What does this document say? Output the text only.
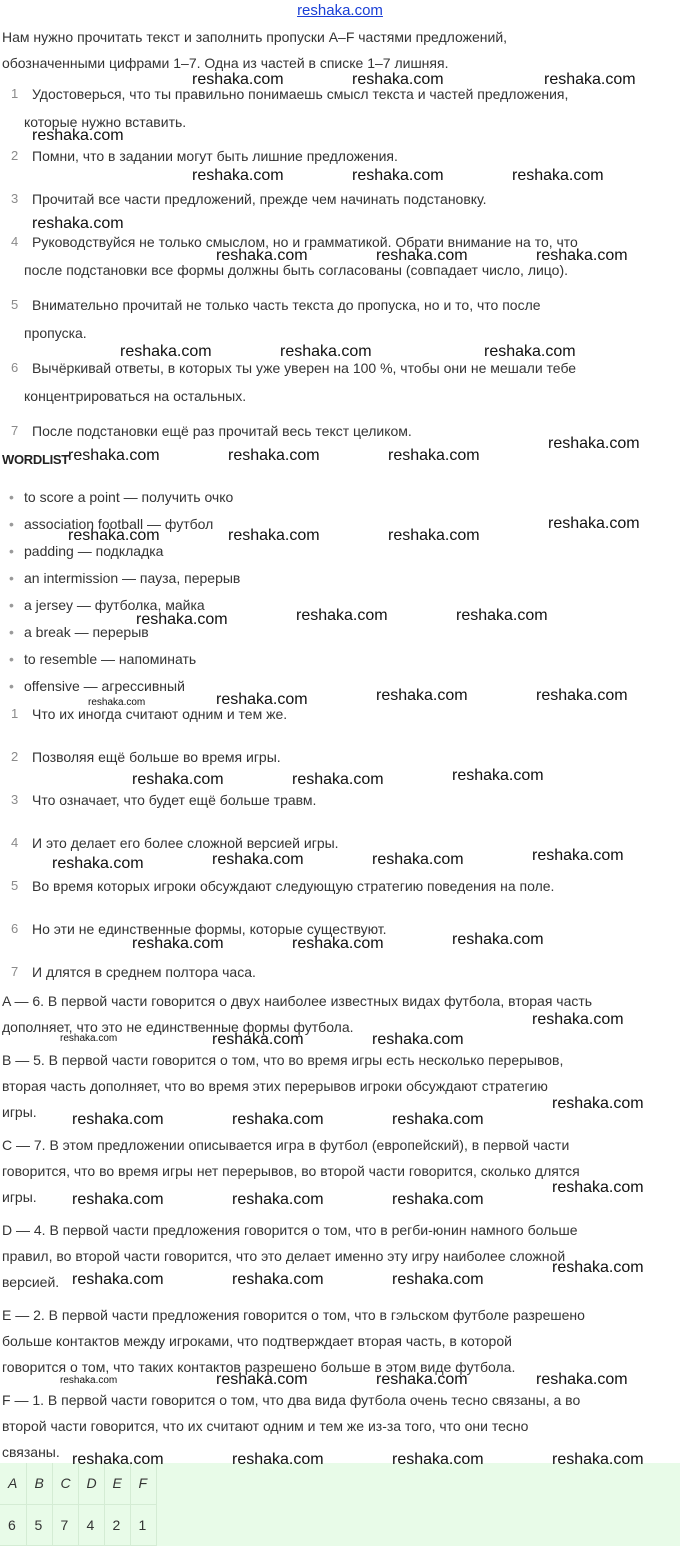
reshaka.com
Нам нужно прочитать текст и заполнить пропуски A–F частями предложений,
обозначенными цифрами 1–7. Одна из частей в списке 1–7 лишняя.
1 Удостоверься, что ты правильно понимаешь смысл текста и частей предложения,
которые нужно вставить.
2 Помни, что в задании могут быть лишние предложения.
3 Прочитай все части предложений, прежде чем начинать подстановку.
4 Руководствуйся не только смыслом, но и грамматикой. Обрати внимание на то, что
после подстановки все формы должны быть согласованы (совпадает число, лицо).
5 Внимательно прочитай не только часть текста до пропуска, но и то, что после
пропуска.
6 Вычёркивай ответы, в которых ты уже уверен на 100 %, чтобы они не мешали тебе
концентрироваться на остальных.
7 После подстановки ещё раз прочитай весь текст целиком.
WORDLIST
• to score a point — получить очко
• association football — футбол
• padding — подкладка
• an intermission — пауза, перерыв
• a jersey — футболка, майка
• a break — перерыв
• to resemble — напоминать
• offensive — агрессивный
1 Что их иногда считают одним и тем же.
2 Позволяя ещё больше во время игры.
3 Что означает, что будет ещё больше травм.
4 И это делает его более сложной версией игры.
5 Во время которых игроки обсуждают следующую стратегию поведения на поле.
6 Но эти не единственные формы, которые существуют.
7 И длятся в среднем полтора часа.
A — 6. В первой части говорится о двух наиболее известных видах футбола, вторая часть
дополняет, что это не единственные формы футбола.
B — 5. В первой части говорится о том, что во время игры есть несколько перерывов,
вторая часть дополняет, что во время этих перерывов игроки обсуждают стратегию
игры.
C — 7. В этом предложении описывается игра в футбол (европейский), в первой части
говорится, что во время игры нет перерывов, во второй части говорится, сколько длятся
игры.
D — 4. В первой части предложения говорится о том, что в регби-юнин намного больше
правил, во второй части говорится, что это делает именно эту игру наиболее сложной
версией.
E — 2. В первой части предложения говорится о том, что в гэльском футболе разрешено
больше контактов между игроками, что подтверждает вторая часть, в которой
говорится о том, что таких контактов разрешено больше в этом виде футбола.
F — 1. В первой части говорится о том, что два вида футбола очень тесно связаны, а во
второй части говорится, что их считают одним и тем же из-за того, что они тесно
связаны.
A	B	C	D	E	F
6	5	7	4	2	1
reshaka.com	reshaka.com	reshaka.com
reshaka.com
reshaka.com	reshaka.com	reshaka.com
reshaka.com
reshaka.com	reshaka.com	reshaka.com
reshaka.com	reshaka.com	reshaka.com
reshaka.com
reshaka.com	reshaka.com	reshaka.com
reshaka.com
reshaka.com	reshaka.com	reshaka.com
reshaka.com	reshaka.com
reshaka.com
reshaka.com	reshaka.com
reshaka.com
reshaka.com
reshaka.com
reshaka.com	reshaka.com
reshaka.com
reshaka.com	reshaka.com
reshaka.com
reshaka.com
reshaka.com	reshaka.com
reshaka.com
reshaka.com	reshaka.com	reshaka.com
reshaka.com
reshaka.com	reshaka.com	reshaka.com
reshaka.com
reshaka.com	reshaka.com	reshaka.com
reshaka.com
reshaka.com	reshaka.com	reshaka.com
reshaka.com	reshaka.com	reshaka.com
reshaka.com
reshaka.com	reshaka.com	reshaka.com	reshaka.com
